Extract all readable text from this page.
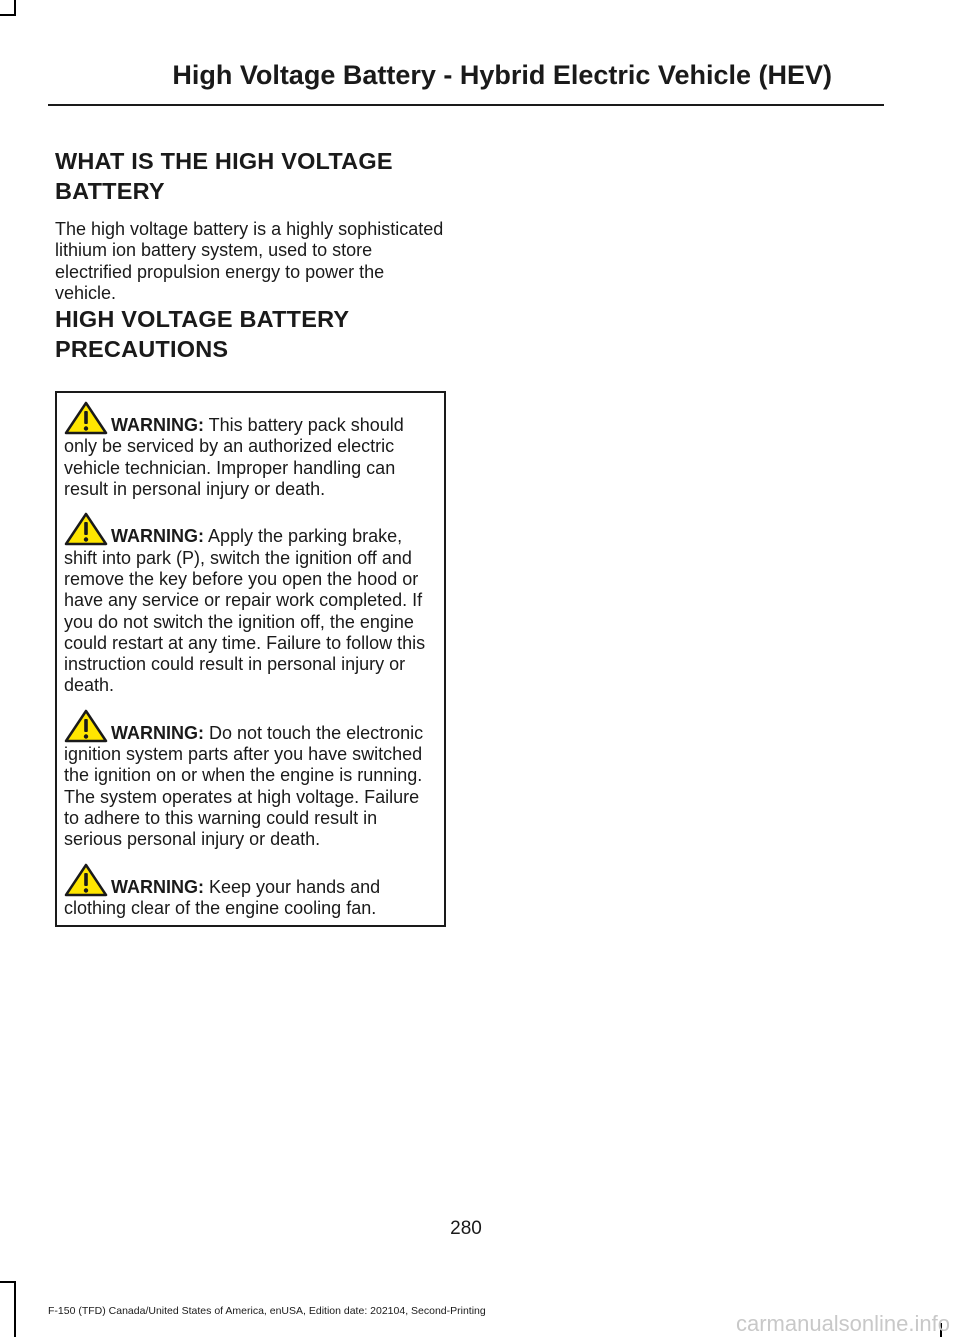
High Voltage Battery - Hybrid Electric Vehicle (HEV)
WHAT IS THE HIGH VOLTAGE
BATTERY

The high voltage battery is a highly sophisticated lithium ion battery system, used to store electrified propulsion energy to power the vehicle.

HIGH VOLTAGE BATTERY
PRECAUTIONS

WARNING: This battery pack should only be serviced by an authorized electric vehicle technician. Improper handling can result in personal injury or death.

WARNING: Apply the parking brake, shift into park (P), switch the ignition off and remove the key before you open the hood or have any service or repair work completed. If you do not switch the ignition off, the engine could restart at any time. Failure to follow this instruction could result in personal injury or death.

WARNING: Do not touch the electronic ignition system parts after you have switched the ignition on or when the engine is running. The system operates at high voltage. Failure to adhere to this warning could result in serious personal injury or death.

WARNING: Keep your hands and clothing clear of the engine cooling fan.

280

F-150 (TFD) Canada/United States of America, enUSA, Edition date: 202104, Second-Printing	carmanualsonline.info
